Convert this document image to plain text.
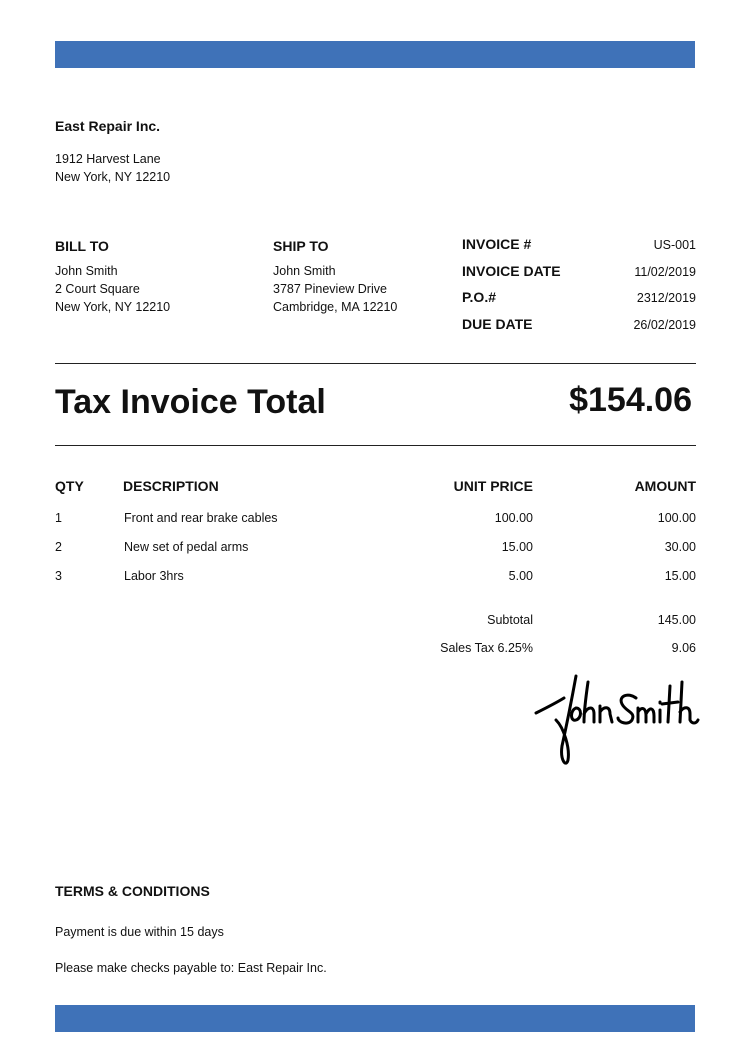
East Repair Inc.
1912 Harvest Lane
New York, NY 12210
BILL TO
John Smith
2 Court Square
New York, NY 12210
SHIP TO
John Smith
3787 Pineview Drive
Cambridge, MA 12210
INVOICE #	US-001
INVOICE DATE	11/02/2019
P.O.#	2312/2019
DUE DATE	26/02/2019
Tax Invoice Total	$154.06
QTY	DESCRIPTION	UNIT PRICE	AMOUNT
1	Front and rear brake cables	100.00	100.00
2	New set of pedal arms	15.00	30.00
3	Labor 3hrs	5.00	15.00
Subtotal	145.00
Sales Tax 6.25%	9.06
TERMS & CONDITIONS
Payment is due within 15 days
Please make checks payable to: East Repair Inc.
